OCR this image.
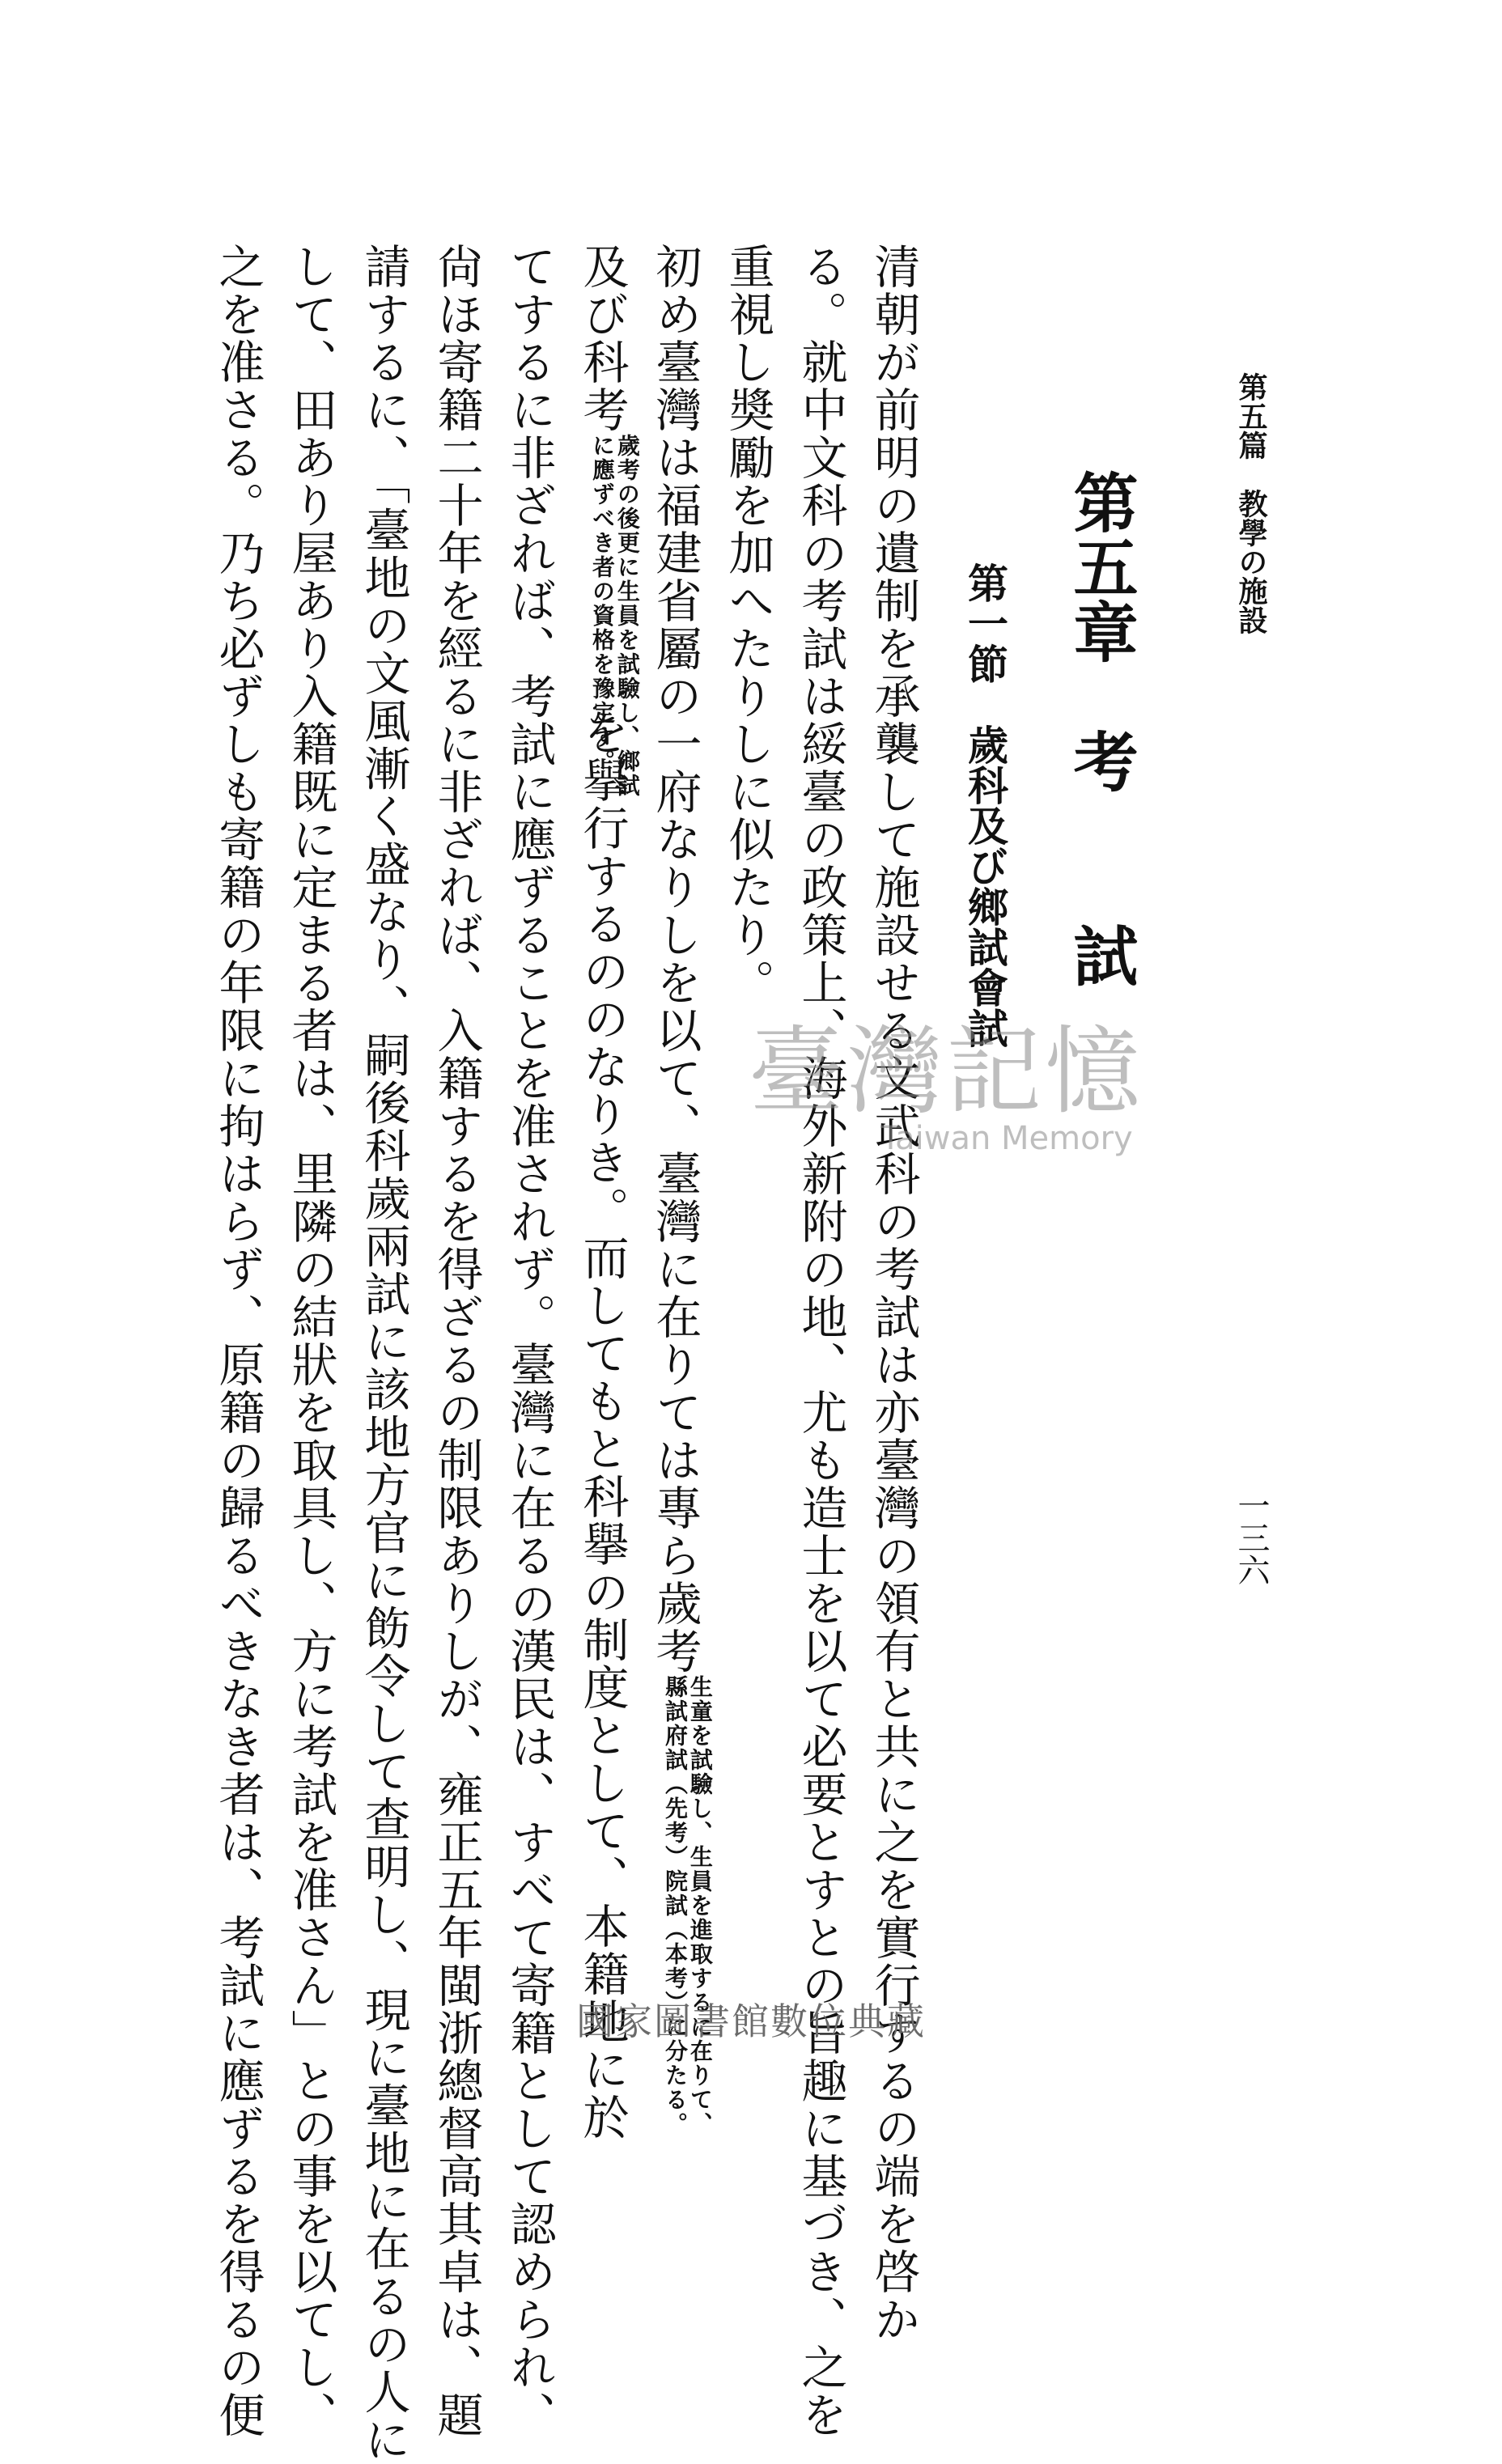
第五篇　教學の施設
一三六
第五章　考　　試
第一節　歲科及び鄉試會試
清朝が前明の遺制を承襲して施設せる文武科の考試は亦臺灣の領有と共に之を實行するの端を啓か
る。就中文科の考試は綏臺の政策上、海外新附の地、尤も造士を以て必要とすとの旨趣に基づき、之を
重視し奬勵を加へたりしに似たり。
初め臺灣は福建省屬の一府なりしを以て、臺灣に在りては專ら歲考
生童を試驗し、生員を進取するに在りて、
縣試府試（先考）院試（本考）に分たる。
及び科考
歲考の後更に生員を試驗し、鄉試
に應ずべき者の資格を豫定す。
を擧行するののなりき。而してもと科擧の制度として、本籍地に於
てするに非ざれば、考試に應ずることを准されず。臺灣に在るの漢民は、すべて寄籍として認められ、
尙ほ寄籍二十年を經るに非ざれば、入籍するを得ざるの制限ありしが、雍正五年閩浙總督高其卓は、題
請するに、「臺地の文風漸く盛なり、嗣後科歲兩試に該地方官に飭令して查明し、現に臺地に在るの人に
して、田あり屋あり入籍既に定まる者は、里隣の結狀を取具し、方に考試を准さん」との事を以てし、
之を准さる。乃ち必ずしも寄籍の年限に拘はらず、原籍の歸るべきなき者は、考試に應ずるを得るの便	臺灣記憶
Taiwan Memory
國家圖書館數位典藏
